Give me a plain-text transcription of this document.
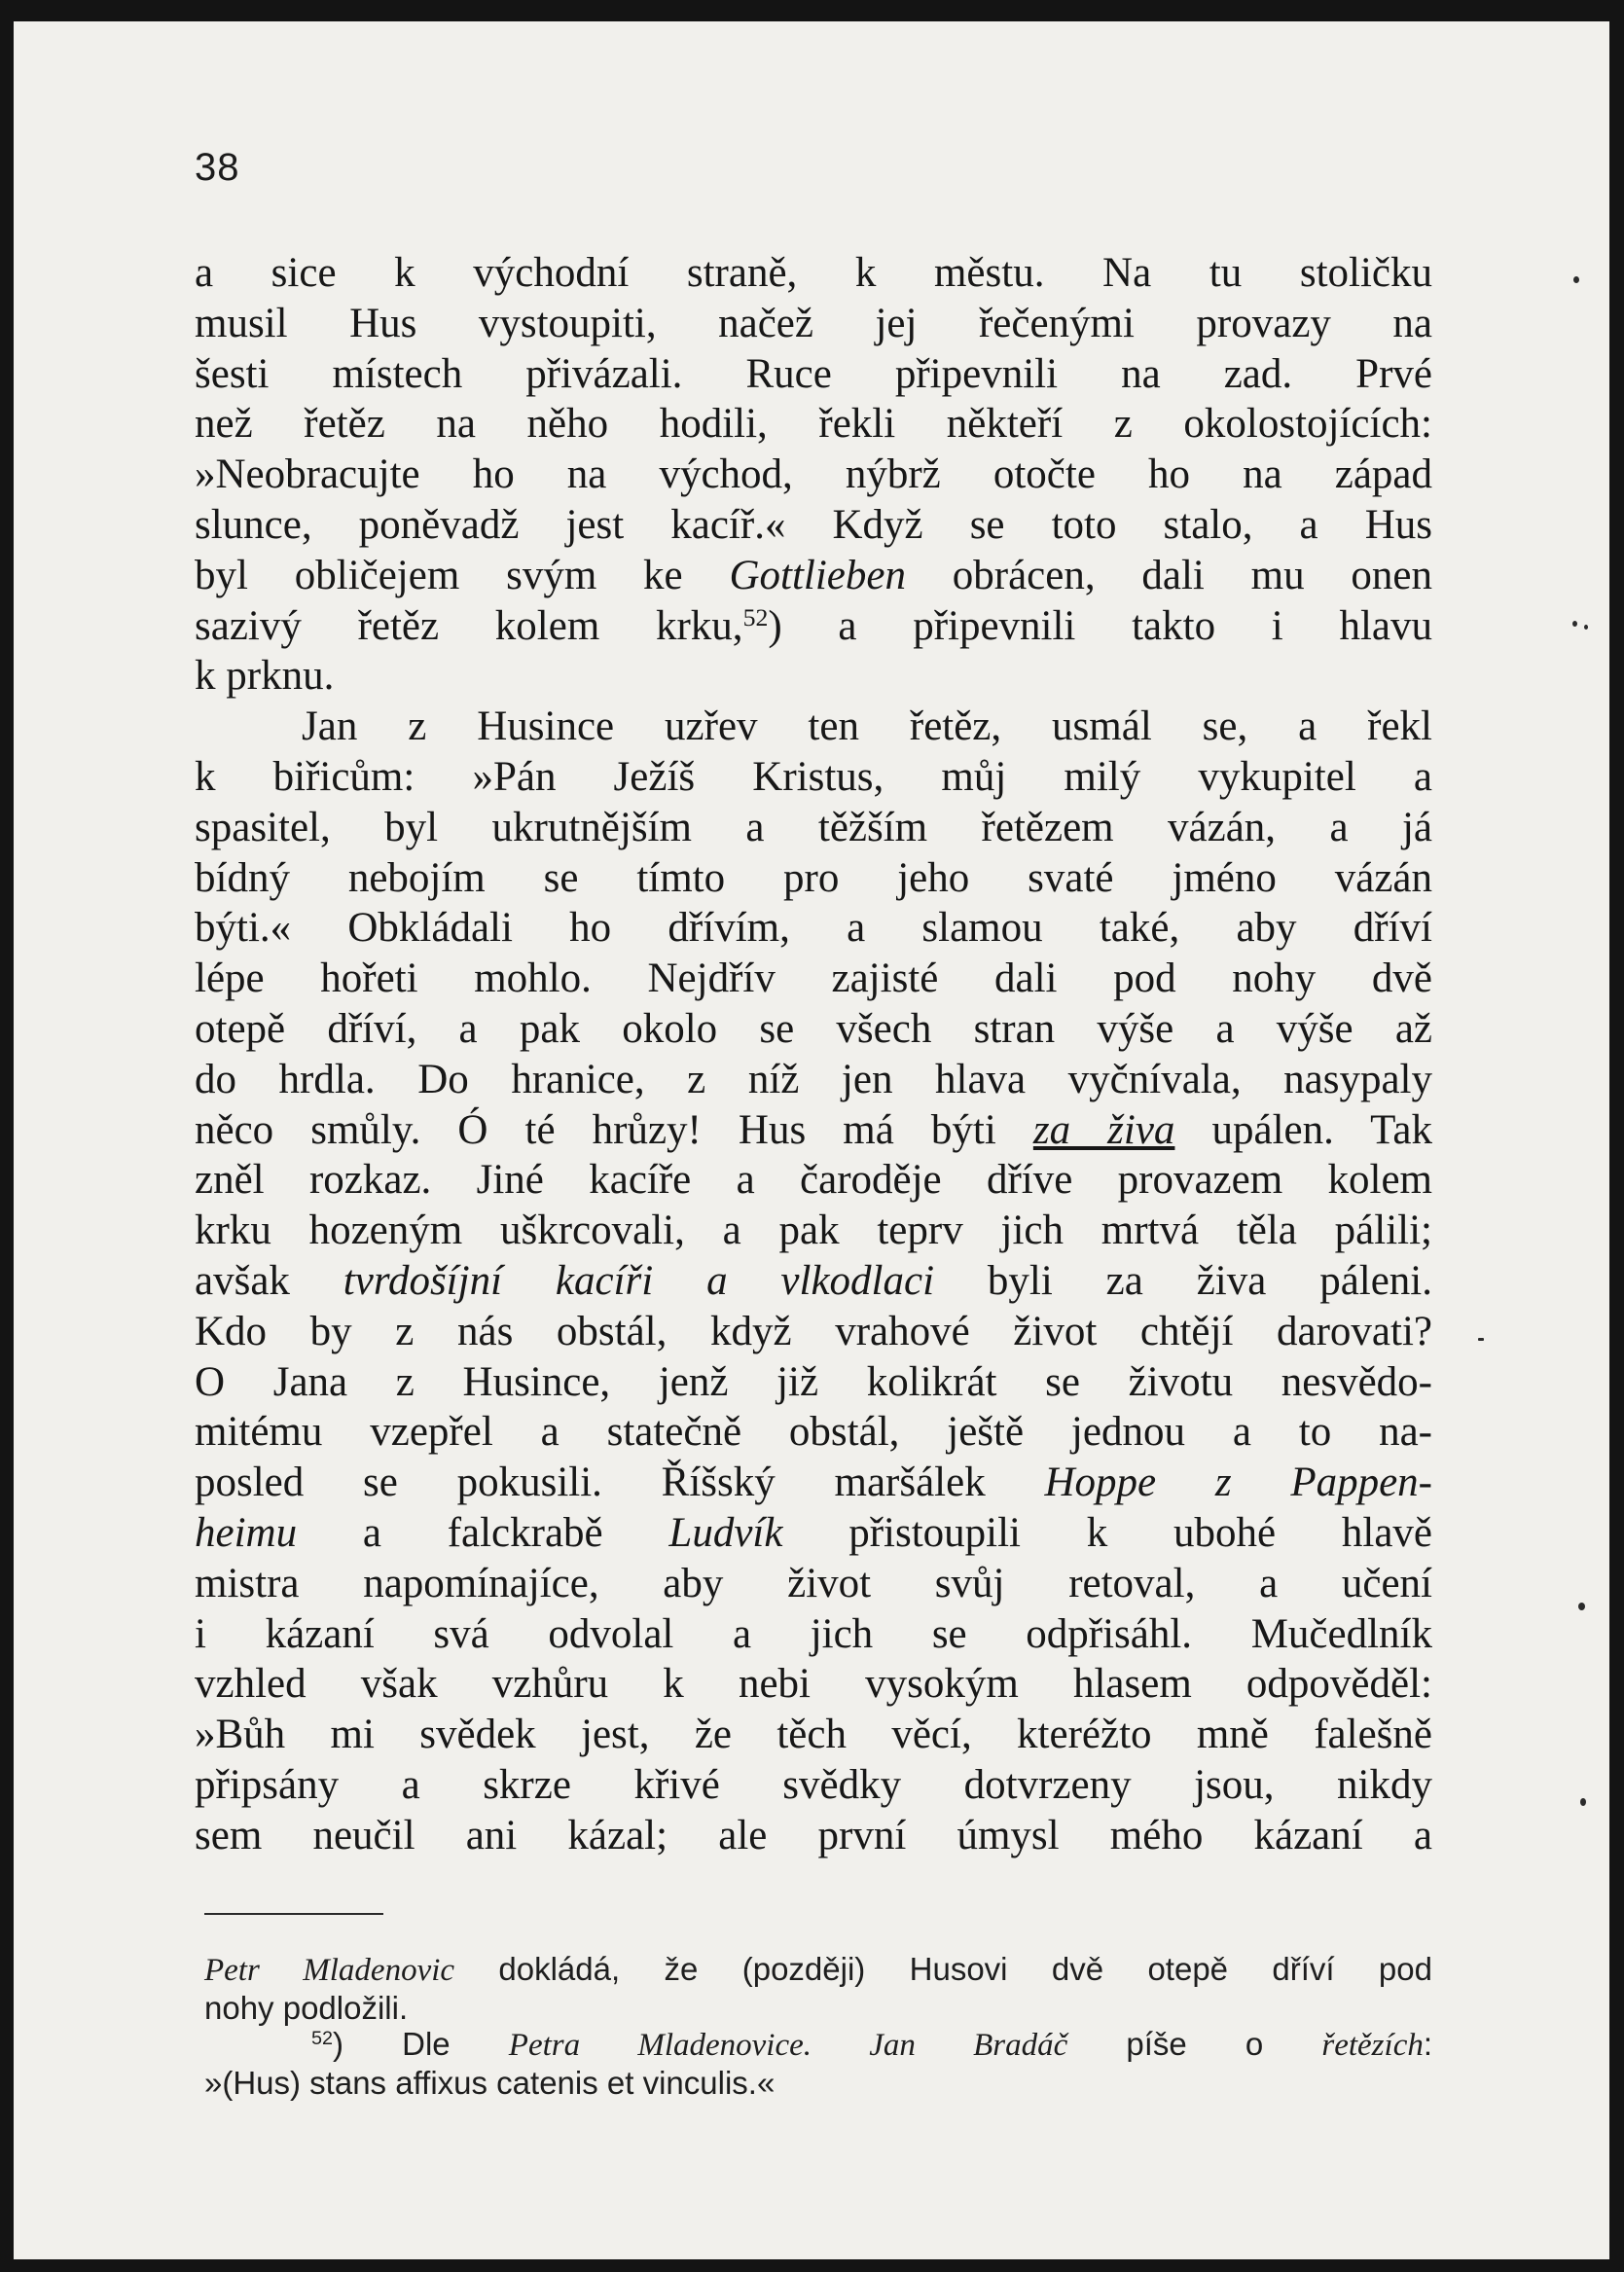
38
a sice k východní straně, k městu. Na tu stoličku
musil Hus vystoupiti, načež jej řečenými provazy na
šesti místech přivázali. Ruce připevnili na zad. Prvé
než řetěz na něho hodili, řekli někteří z okolostojících:
»Neobracujte ho na východ, nýbrž otočte ho na západ
slunce, poněvadž jest kacíř.« Když se toto stalo, a Hus
byl obličejem svým ke Gottlieben obrácen, dali mu onen
sazivý řetěz kolem krku,$^{52}$) a připevnili takto i hlavu
k prknu.
Jan z Husince uzřev ten řetěz, usmál se, a řekl
k biřicům: »Pán Ježíš Kristus, můj milý vykupitel a
spasitel, byl ukrutnějším a těžším řetězem vázán, a já
bídný nebojím se tímto pro jeho svaté jméno vázán
býti.« Obkládali ho dřívím, a slamou také, aby dříví
lépe hořeti mohlo. Nejdřív zajisté dali pod nohy dvě
otepě dříví, a pak okolo se všech stran výše a výše až
do hrdla. Do hranice, z níž jen hlava vyčnívala, nasypaly
něco smůly. Ó té hrůzy! Hus má býti za živa upálen. Tak
zněl rozkaz. Jiné kacíře a čaroděje dříve provazem kolem
krku hozeným uškrcovali, a pak teprv jich mrtvá těla pálili;
avšak tvrdošíjní kacíři a vlkodlaci byli za živa páleni.
Kdo by z nás obstál, když vrahové život chtějí darovati?
O Jana z Husince, jenž již kolikrát se životu nesvědo-
mitému vzepřel a statečně obstál, ještě jednou a to na-
posled se pokusili. Říšský maršálek Hoppe z Pappen-
heimu a falckrabě Ludvík přistoupili k ubohé hlavě
mistra napomínajíce, aby život svůj retoval, a učení
i kázaní svá odvolal a jich se odpřisáhl. Mučedlník
vzhled však vzhůru k nebi vysokým hlasem odpověděl:
»Bůh mi svědek jest, že těch věcí, kteréžto mně falešně
připsány a skrze křivé svědky dotvrzeny jsou, nikdy
sem neučil ani kázal; ale první úmysl mého kázaní a
Petr Mladenovic dokládá, že (později) Husovi dvě otepě dříví pod
nohy podložili.
$^{52}$) Dle Petra Mladenovice. Jan Bradáč píše o řetězích:
»(Hus) stans affixus catenis et vinculis.«
